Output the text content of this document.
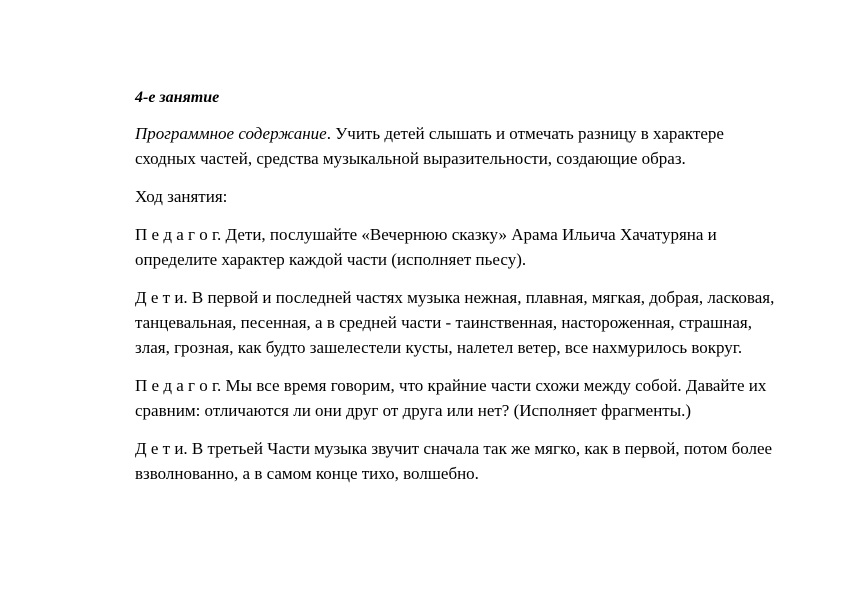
4-е занятие

Программное содержание. Учить детей слышать и отмечать разницу в характере сходных частей, средства музыкальной выразительности, создающие образ.

Ход занятия:

П е д а г о г. Дети, послушайте «Вечернюю сказку» Арама Ильича Хачатуряна и определите характер каждой части (исполняет пьесу).

Д е т и. В первой и последней частях музыка нежная, плавная, мягкая, добрая, ласковая, танцевальная, песенная, а в средней части - таинственная, настороженная, страшная, злая, грозная, как будто зашелестели кусты, налетел ветер, все нахмурилось вокруг.

П е д а г о г. Мы все время говорим, что крайние части схожи между собой. Давайте их сравним: отличаются ли они друг от друга или нет? (Исполняет фрагменты.)

Д е т и. В третьей Части музыка звучит сначала так же мягко, как в первой, потом более взволнованно, а в самом конце тихо, волшебно.
